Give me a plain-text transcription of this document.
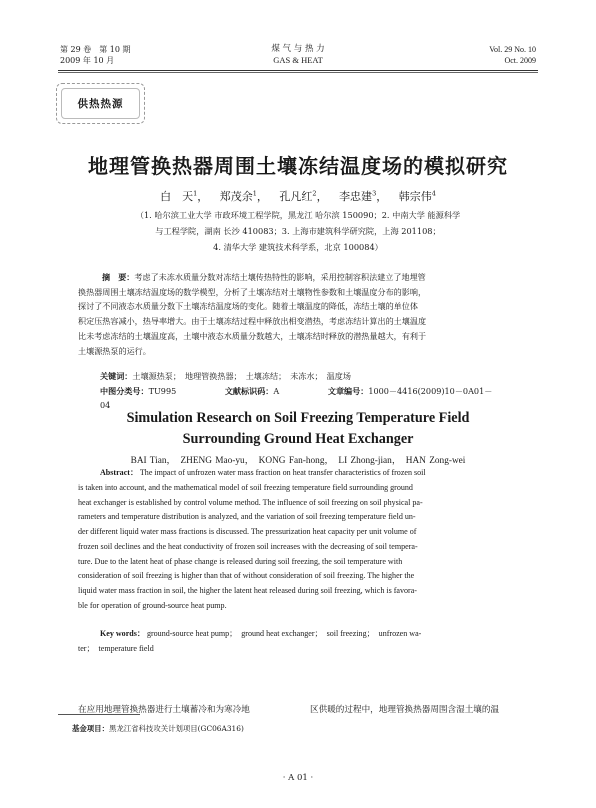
第 29 卷　第 10 期
2009 年 10 月
煤 气 与 热 力
GAS & HEAT
Vol. 29 No. 10
Oct. 2009
供热热源
地理管换热器周围土壤冻结温度场的模拟研究
白　天$^1$， 郑茂余$^1$， 孔凡红$^2$， 李忠建$^3$， 韩宗伟$^4$
（1. 哈尔滨工业大学 市政环境工程学院，黑龙江 哈尔滨 150090；2. 中南大学 能源科学
与工程学院，湖南 长沙 410083；3. 上海市建筑科学研究院，上海 201108；
4. 清华大学 建筑技术科学系，北京 100084）
摘　要：考虑了未冻水质量分数对冻结土壤传热特性的影响，采用控制容积法建立了地埋管
换热器周围土壤冻结温度场的数学模型，分析了土壤冻结对土壤物性参数和土壤温度分布的影响，
探讨了不同液态水质量分数下土壤冻结温度场的变化。随着土壤温度的降低，冻结土壤的单位体
积定压热容减小，热导率增大。由于土壤冻结过程中释放出相变潜热，考虑冻结计算出的土壤温度
比未考虑冻结的土壤温度高，土壤中液态水质量分数越大，土壤冻结时释放的潜热量越大，有利于
土壤源热泵的运行。
关键词：土壤源热泵；　地理管换热器；　土壤冻结；　未冻水；　温度场
中图分类号：TU995	文献标识码：A	文章编号：1000－4416(2009)10－0A01－04
Simulation Research on Soil Freezing Temperature Field
Surrounding Ground Heat Exchanger
BAI Tian，　ZHENG Mao-yu，　KONG Fan-hong，　LI Zhong-jian，　HAN Zong-wei
Abstract： The impact of unfrozen water mass fraction on heat transfer characteristics of frozen soil
is taken into account, and the mathematical model of soil freezing temperature field surrounding ground
heat exchanger is established by control volume method. The influence of soil freezing on soil physical pa-
rameters and temperature distribution is analyzed, and the variation of soil freezing temperature field un-
der different liquid water mass fractions is discussed. The pressurization heat capacity per unit volume of
frozen soil declines and the heat conductivity of frozen soil increases with the decreasing of soil tempera-
ture. Due to the latent heat of phase change is released during soil freezing, the soil temperature with
consideration of soil freezing is higher than that of without consideration of soil freezing. The higher the
liquid water mass fraction in soil, the higher the latent heat released during soil freezing, which is favora-
ble for operation of ground-source heat pump.
Key words： ground-source heat pump；　ground heat exchanger；　soil freezing；　unfrozen wa-
ter；　temperature field
在应用地理管换热器进行土壤蓄冷和为寒冷地	区供暖的过程中，地理管换热器周围含湿土壤的温
基金项目：黑龙江省科技攻关计划项目(GC06A316)
· A 01 ·
